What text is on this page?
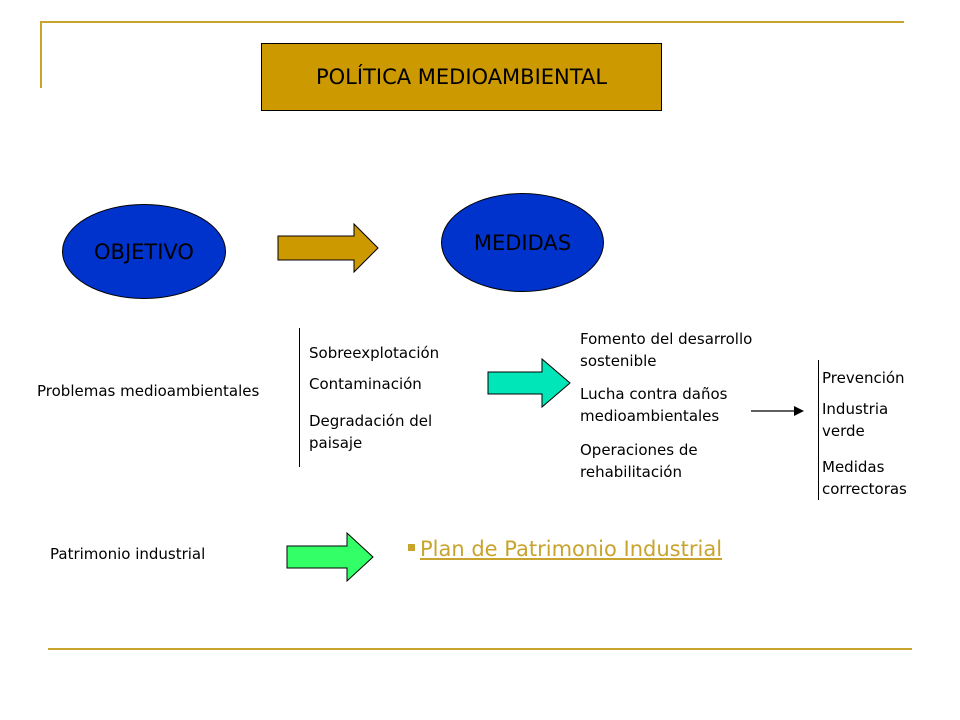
POLÍTICA MEDIOAMBIENTAL
OBJETIVO	MEDIDAS
Problemas medioambientales
Sobreexplotación
Contaminación
Degradación del paisaje
Fomento del desarrollo sostenible
Lucha contra daños medioambientales
Operaciones de rehabilitación
Prevención
Industria verde
Medidas correctoras
Patrimonio industrial	Plan de Patrimonio Industrial
